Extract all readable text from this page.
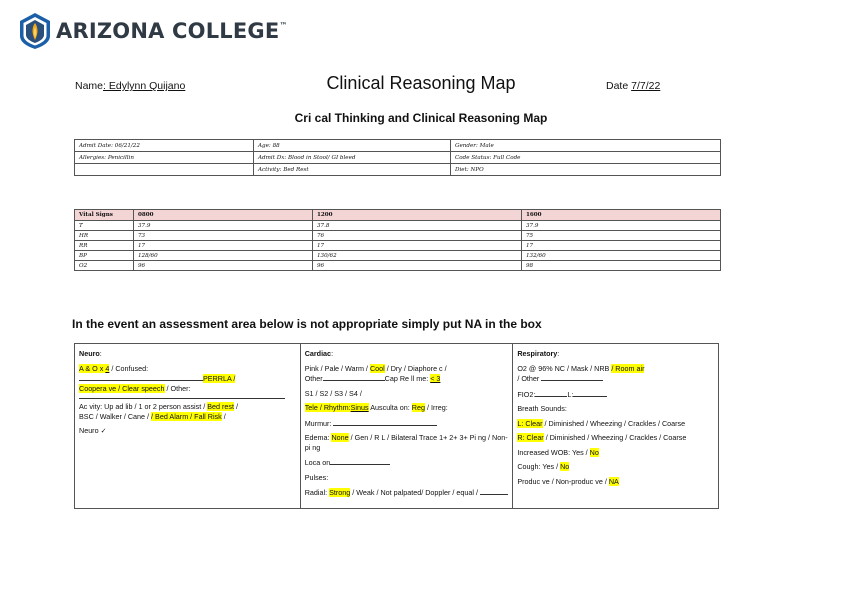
ARIZONA COLLEGE™
Name: Edylynn Quijano	Clinical Reasoning Map	Date 7/7/22
Cri cal Thinking and Clinical Reasoning Map
Admit Date: 06/21/22	Age: 88	Gender: Male
Allergies: Penicillin	Admit Dx: Blood in Stool/ GI bleed	Code Status: Full Code
	Activity: Bed Rest	Diet: NPO
Vital Signs	0800	1200	1600
T	37.9	37.8	37.9
HR	73	76	75
RR	17	17	17
BP	128/60	130/62	132/60
O2	96	96	98
In the event an assessment area below is not appropriate simply put NA in the box

Neuro:

A & O x 4 / Confused:

PERRLA /

Coopera ve / Clear speech / Other:

Ac vity: Up ad lib / 1 or 2 person assist / Bed rest /
BSC / Walker / Cane / / Bed Alarm / Fall Risk /

Neuro ✓

Cardiac:

Pink / Pale / Warm / Cool / Dry / Diaphore c /
Other	Cap Re ll me: < 3

S1 / S2 / S3 / S4 /

Tele / Rhythm:Sinus Ausculta on: Reg / Irreg:

Murmur:

Edema: None / Gen / R L / Bilateral Trace 1+ 2+ 3+ Pi ng / Non-pi ng

Loca on

Pulses:

Radial: Strong / Weak / Not palpated/ Doppler / equal /

Respiratory:

O2 @ 96% NC / Mask / NRB / Room air
/ Other

FIO2:	L:

Breath Sounds:

L: Clear / Diminished / Wheezing / Crackles / Coarse

R: Clear / Diminished / Wheezing / Crackles / Coarse

Increased WOB: Yes / No

Cough: Yes / No

Produc ve / Non-produc ve / NA
